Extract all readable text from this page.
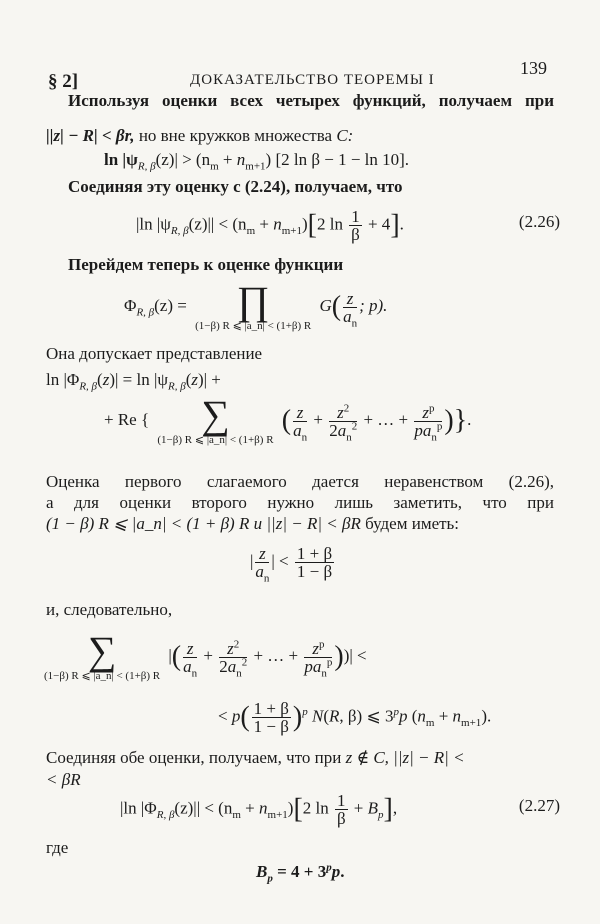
§ 2]	ДОКАЗАТЕЛЬСТВО ТЕОРЕМЫ I
139
Используя оценки всех четырех функций, получаем при
||z| − R| < βr, но вне кружков множества C:
$\ln |\psi_{R, \beta}(z)| > (n_m + n_{m+1})$ [2 ln β − 1 − ln 10].
Соединяя эту оценку с (2.24), получаем, что
|ln $|\psi_{R, \beta}(z)|| < (n_m + n_{m+1})[2$ $\ln \frac{1}{\beta} + 4$].	(2.26)
Перейдем теперь к оценке функции
$\Phi_{R, \beta}(z)$ =	∏
(1−β) R ⩽ |a_n| < (1+β) R
$G( \frac{z}{a_n}$ ; p).
Она допускает представление
$\ln |\Phi_{R, \beta}(z)| = \ln |\psi_{R, \beta}(z)|$ +
+ Re {	∑
(1−β) R ⩽ |a_n| < (1+β) R
( $\frac{z}{a_n} + \frac{z^2}{2a_n^2}$ + … + $\frac{z^p}{pa_n^p}$ )}.
Оценка первого слагаемого дается неравенством (2.26),
а для оценки второго нужно лишь заметить, что при
(1 − β) R ⩽ |a_n| < (1 + β) R и ||z| − R| < βR будем иметь:
| $\frac{z}{a_n}$ | < $\frac{1 + \beta}{1 - \beta}$
и, следовательно,
∑
(1−β) R ⩽ |a_n| < (1+β) R
|( $\frac{z}{a_n} + \frac{z^2}{2a_n^2}$ + … + $\frac{z^p}{pa_n^p}$ ))| <
< $p( \frac{1 + \beta}{1 - \beta} )^p$ N(R, β) ⩽ 3$^p$p $(n_m + n_{m+1})$.
Соединяя обе оценки, получаем, что при z ∉ C, ||z| − R| <
< βR
|ln $|\Phi_{R, \beta}(z)|| < (n_m + n_{m+1})[2$ $\ln \frac{1}{\beta} + B_p$],	(2.27)
где
$B_p = 4 + 3^pp$.
